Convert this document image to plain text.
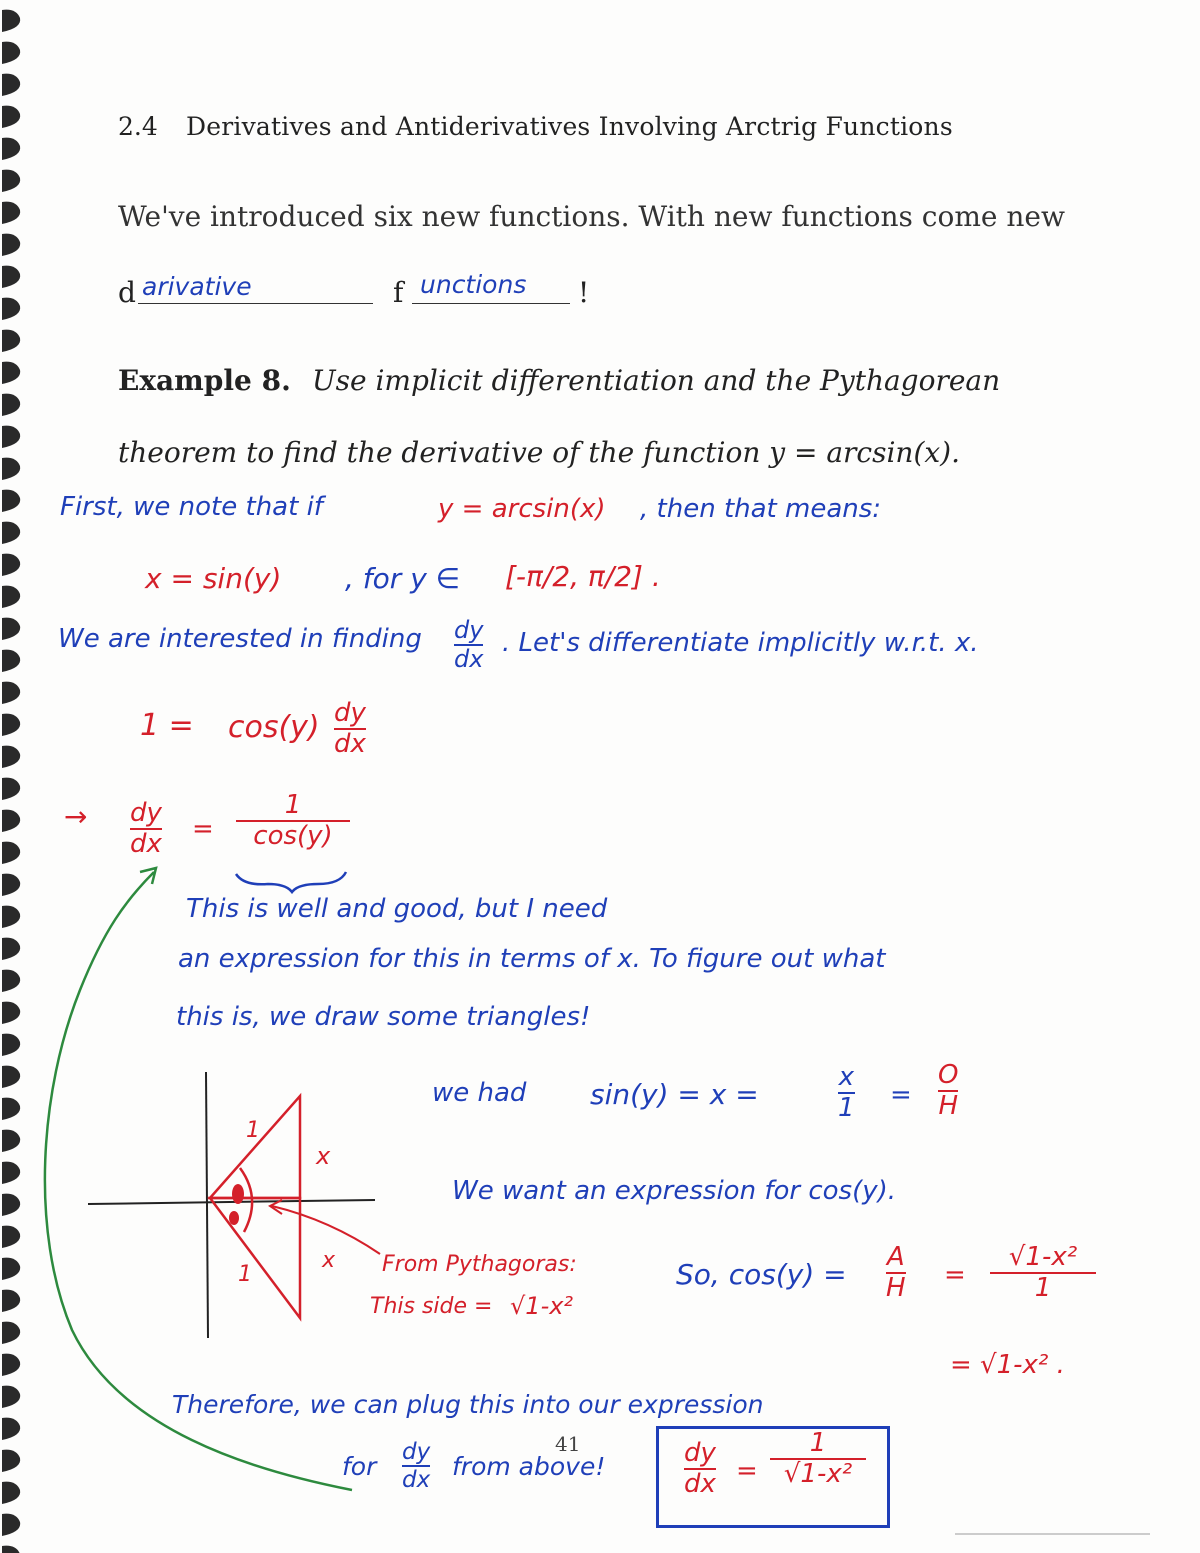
2.4 Derivatives and Antiderivatives Involving Arctrig Functions
We've introduced six new functions. With new functions come new
d arivative	f unctions !
Example 8. Use implicit differentiation and the Pythagorean
theorem to find the derivative of the function y = arcsin(x).
First, we note that if	y = arcsin(x) , then that means:
x = sin(y) , for y ∈ [-π/2, π/2] .
We are interested in finding dy
dx
. Let's differentiate implicitly w.r.t. x.
1 = cos(y) dy
dx
→ dy
dx
=
1
cos(y)
This is well and good, but I need
an expression for this in terms of x. To figure out what
this is, we draw some triangles!
we had sin(y) = x =
x
1 =
O
H
We want an expression for cos(y).
From Pythagoras:
This side = √1-x²
So, cos(y) =
A
H =
√1-x²
1
= √1-x² .
Therefore, we can plug this into our expression
for dy
dx from above!	dy
dx =
1
√1-x²
1
x
x
1
41
